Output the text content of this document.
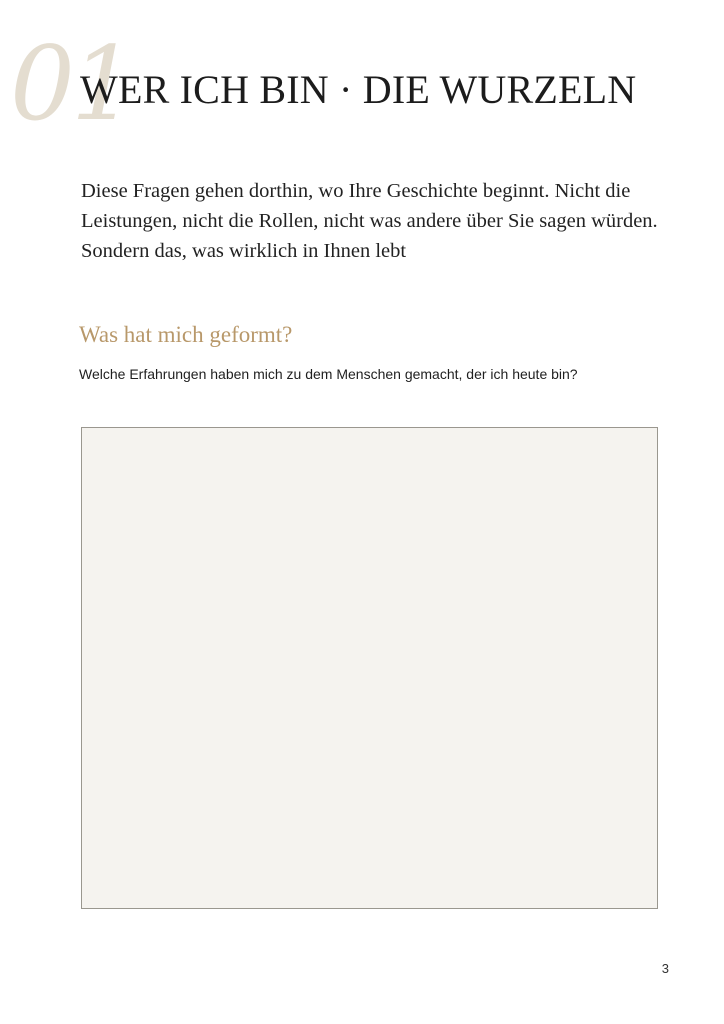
01
WER ICH BIN · DIE WURZELN

Diese Fragen gehen dorthin, wo Ihre Geschichte beginnt. Nicht die Leistungen, nicht die Rollen, nicht was andere über Sie sagen würden. Sondern das, was wirklich in Ihnen lebt

Was hat mich geformt?

Welche Erfahrungen haben mich zu dem Menschen gemacht, der ich heute bin?

3
